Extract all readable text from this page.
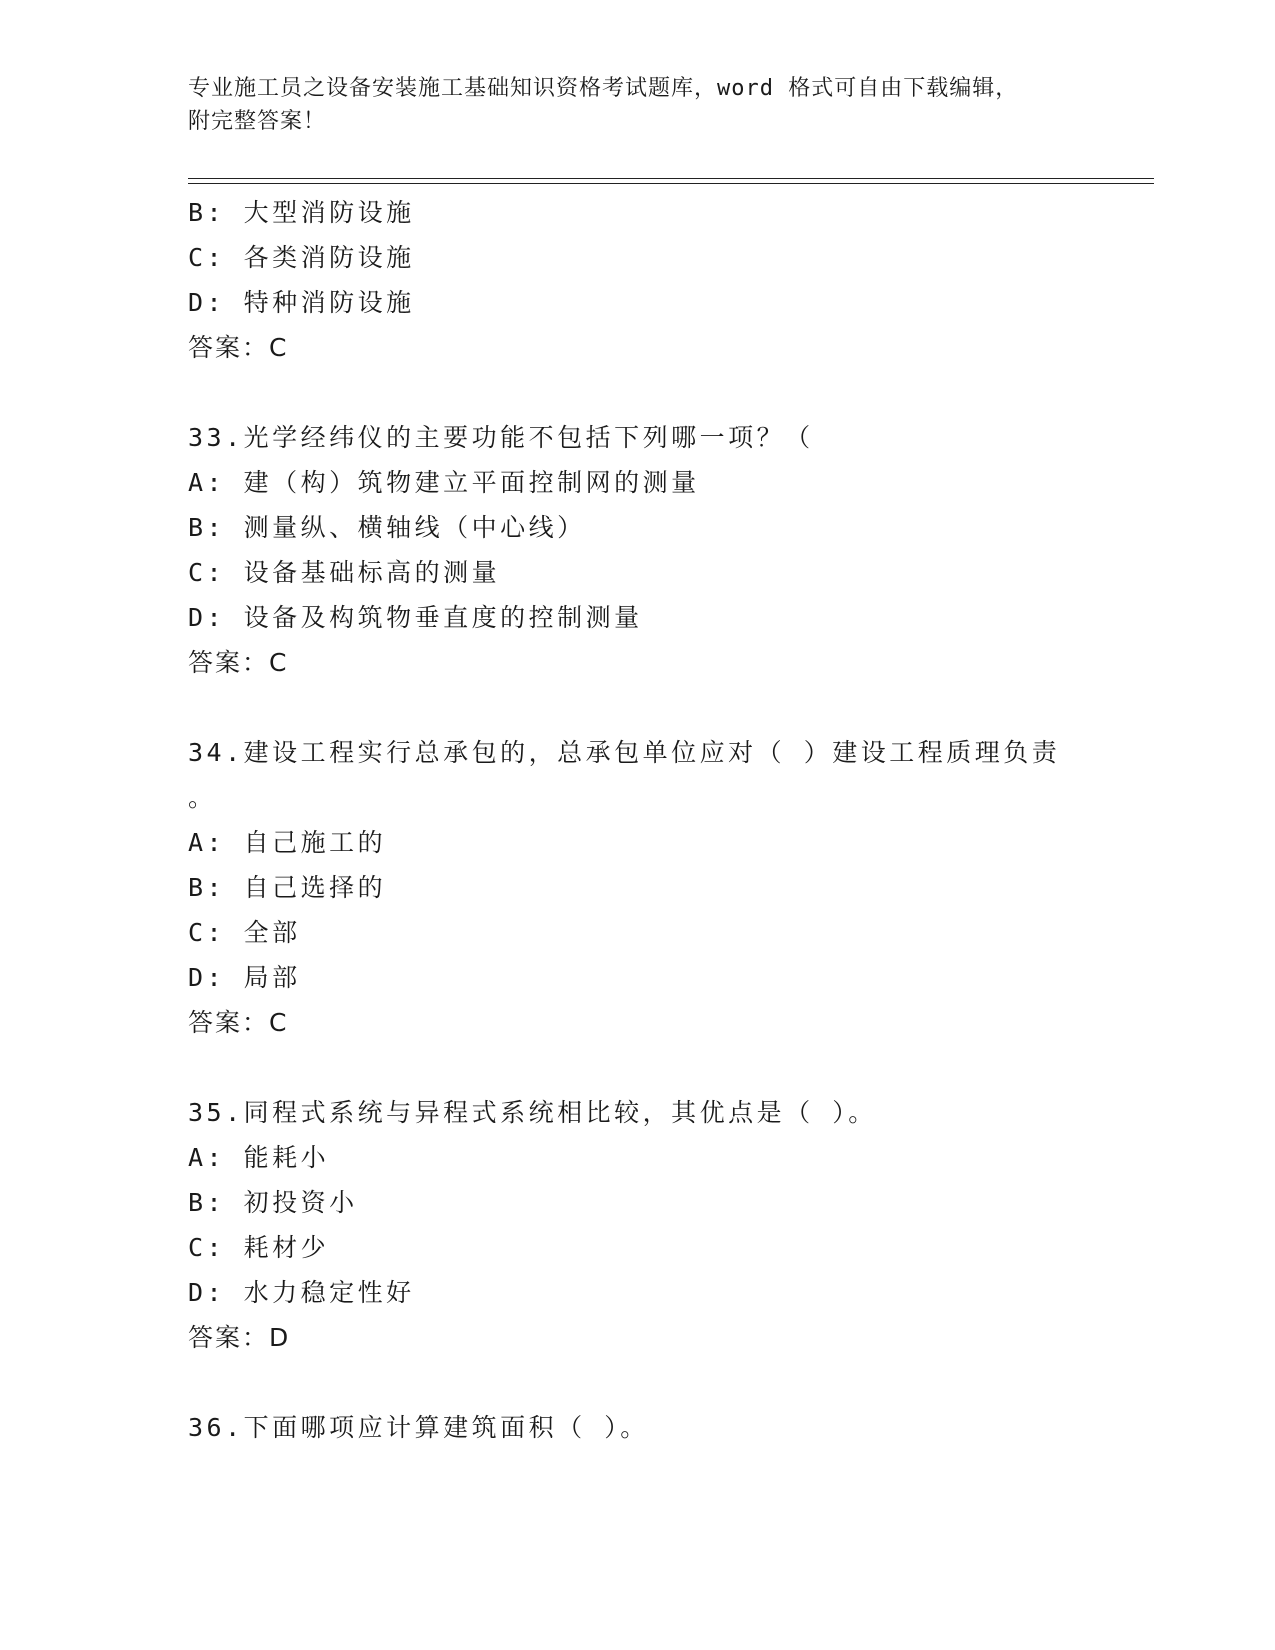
专业施工员之设备安装施工基础知识资格考试题库，word 格式可自由下载编辑，
附完整答案！
B: 大型消防设施
C: 各类消防设施
D: 特种消防设施
答案：C
33.光学经纬仪的主要功能不包括下列哪一项？（
A: 建（构）筑物建立平面控制网的测量
B: 测量纵、横轴线（中心线）
C: 设备基础标高的测量
D: 设备及构筑物垂直度的控制测量
答案：C
34.建设工程实行总承包的，总承包单位应对（ ）建设工程质理负责
。
A: 自己施工的
B: 自己选择的
C: 全部
D: 局部
答案：C
35.同程式系统与异程式系统相比较，其优点是（ ）。
A: 能耗小
B: 初投资小
C: 耗材少
D: 水力稳定性好
答案：D
36.下面哪项应计算建筑面积（ ）。
